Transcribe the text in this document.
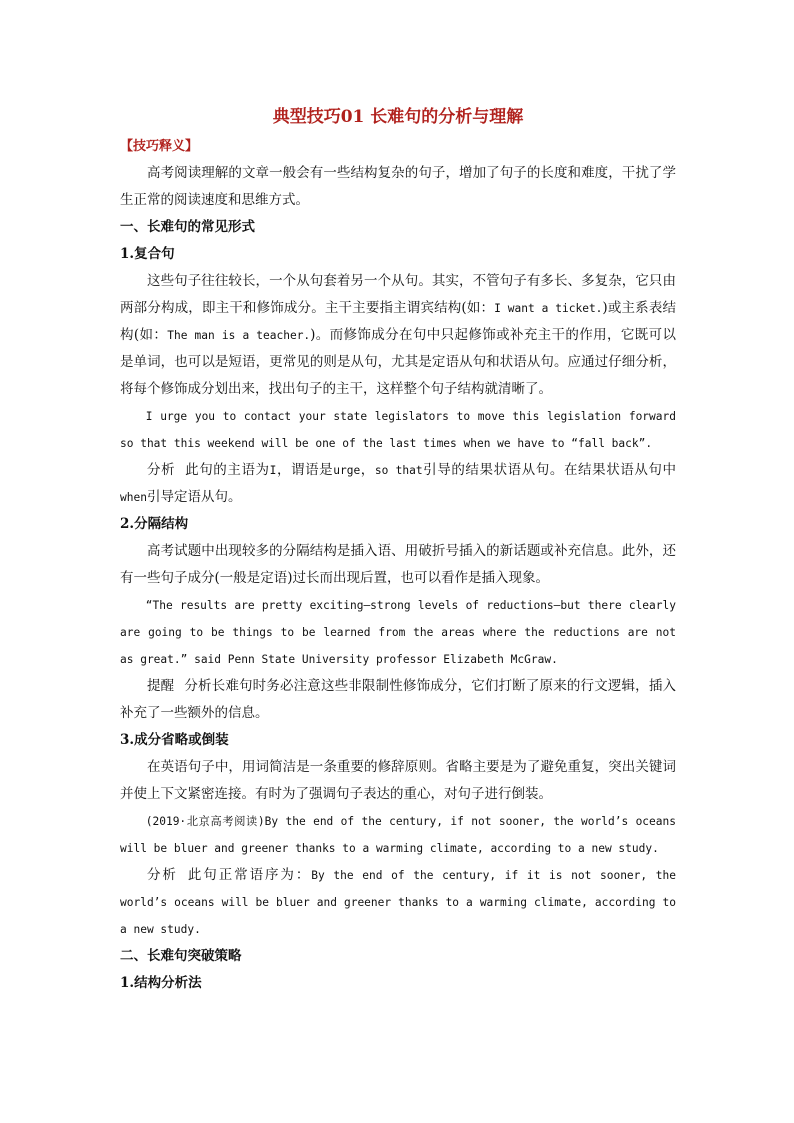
典型技巧01 长难句的分析与理解

【技巧释义】

高考阅读理解的文章一般会有一些结构复杂的句子，增加了句子的长度和难度，干扰了学生正常的阅读速度和思维方式。

一、长难句的常见形式

1.复合句

这些句子往往较长，一个从句套着另一个从句。其实，不管句子有多长、多复杂，它只由两部分构成，即主干和修饰成分。主干主要指主谓宾结构(如：I want a ticket.)或主系表结构(如：The man is a teacher.)。而修饰成分在句中只起修饰或补充主干的作用，它既可以是单词，也可以是短语，更常见的则是从句，尤其是定语从句和状语从句。应通过仔细分析，将每个修饰成分划出来，找出句子的主干，这样整个句子结构就清晰了。

I urge you to contact your state legislators to move this legislation forward so that this weekend will be one of the last times when we have to “fall back”.

分析 此句的主语为I，谓语是urge，so that引导的结果状语从句。在结果状语从句中when引导定语从句。

2.分隔结构

高考试题中出现较多的分隔结构是插入语、用破折号插入的新话题或补充信息。此外，还有一些句子成分(一般是定语)过长而出现后置，也可以看作是插入现象。

“The results are pretty exciting—strong levels of reductions—but there clearly are going to be things to be learned from the areas where the reductions are not as great.” said Penn State University professor Elizabeth McGraw.

提醒 分析长难句时务必注意这些非限制性修饰成分，它们打断了原来的行文逻辑，插入补充了一些额外的信息。

3.成分省略或倒装

在英语句子中，用词简洁是一条重要的修辞原则。省略主要是为了避免重复，突出关键词并使上下文紧密连接。有时为了强调句子表达的重心，对句子进行倒装。

(2019·北京高考阅读)By the end of the century, if not sooner, the world’s oceans will be bluer and greener thanks to a warming climate, according to a new study.

分析 此句正常语序为：By the end of the century, if it is not sooner, the world’s oceans will be bluer and greener thanks to a warming climate, according to a new study.

二、长难句突破策略

1.结构分析法
